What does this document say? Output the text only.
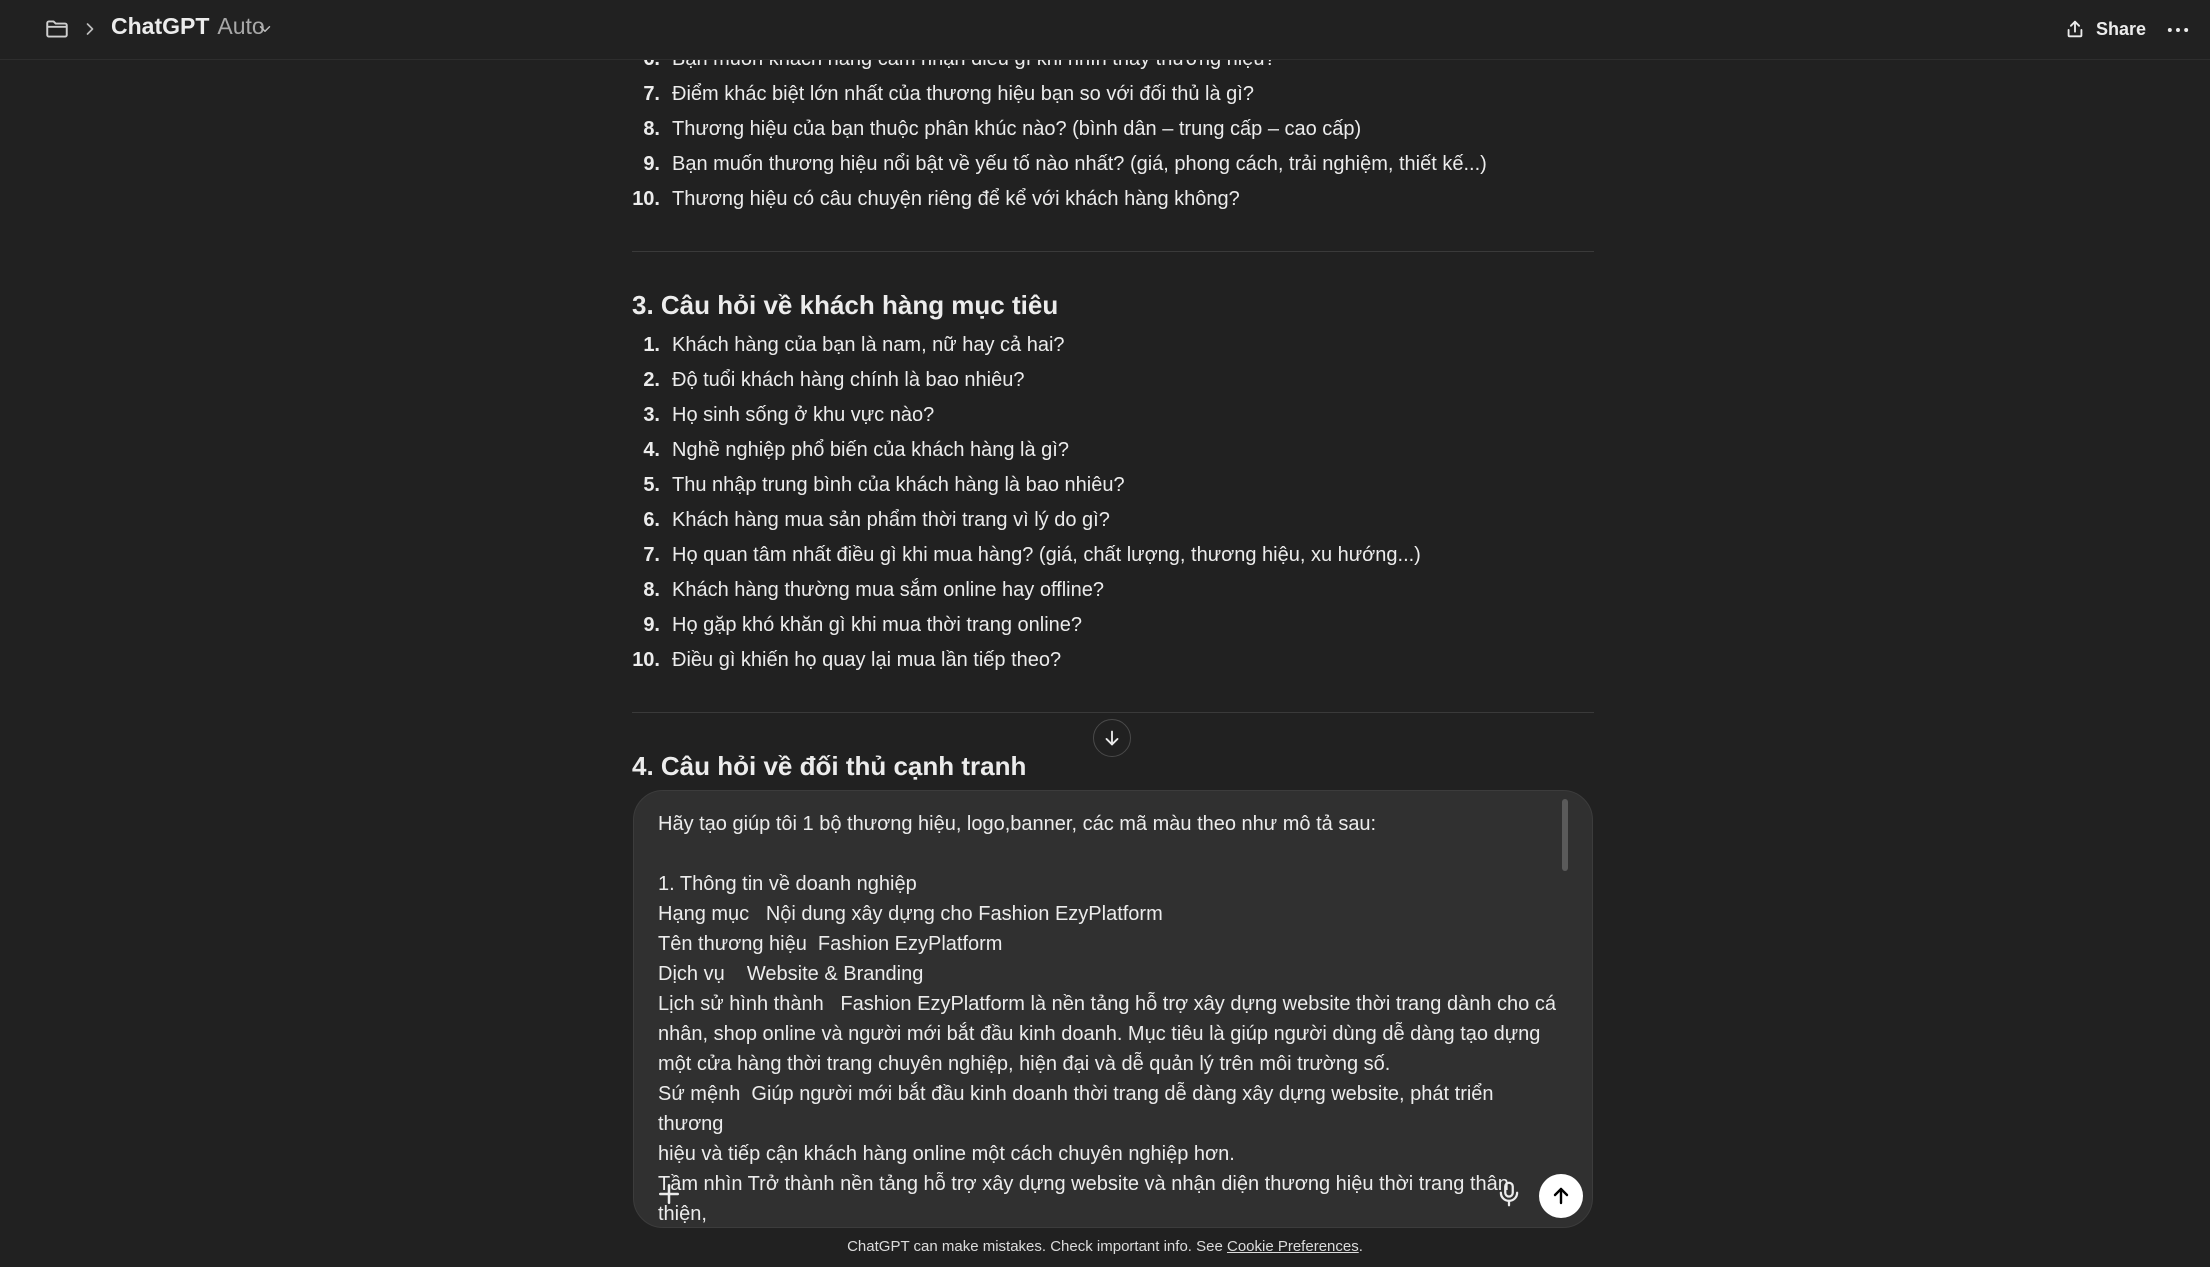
ChatGPT Auto	Share
7. Điểm khác biệt lớn nhất của thương hiệu bạn so với đối thủ là gì?
8. Thương hiệu của bạn thuộc phân khúc nào? (bình dân – trung cấp – cao cấp)
9. Bạn muốn thương hiệu nổi bật về yếu tố nào nhất? (giá, phong cách, trải nghiệm, thiết kế...)
10. Thương hiệu có câu chuyện riêng để kể với khách hàng không?
3. Câu hỏi về khách hàng mục tiêu
1. Khách hàng của bạn là nam, nữ hay cả hai?
2. Độ tuổi khách hàng chính là bao nhiêu?
3. Họ sinh sống ở khu vực nào?
4. Nghề nghiệp phổ biến của khách hàng là gì?
5. Thu nhập trung bình của khách hàng là bao nhiêu?
6. Khách hàng mua sản phẩm thời trang vì lý do gì?
7. Họ quan tâm nhất điều gì khi mua hàng? (giá, chất lượng, thương hiệu, xu hướng...)
8. Khách hàng thường mua sắm online hay offline?
9. Họ gặp khó khăn gì khi mua thời trang online?
10. Điều gì khiến họ quay lại mua lần tiếp theo?
4. Câu hỏi về đối thủ cạnh tranh

Hãy tạo giúp tôi 1 bộ thương hiệu, logo,banner, các mã màu theo như mô tả sau:

1. Thông tin về doanh nghiệp

Hạng mục   Nội dung xây dựng cho Fashion EzyPlatform

Tên thương hiệu  Fashion EzyPlatform

Dịch vụ    Website & Branding

Lịch sử hình thành   Fashion EzyPlatform là nền tảng hỗ trợ xây dựng website thời trang dành cho cá

nhân, shop online và người mới bắt đầu kinh doanh. Mục tiêu là giúp người dùng dễ dàng tạo dựng

một cửa hàng thời trang chuyên nghiệp, hiện đại và dễ quản lý trên môi trường số.

Sứ mệnh  Giúp người mới bắt đầu kinh doanh thời trang dễ dàng xây dựng website, phát triển thương

hiệu và tiếp cận khách hàng online một cách chuyên nghiệp hơn.

Tầm nhìn Trở thành nền tảng hỗ trợ xây dựng website và nhận diện thương hiệu thời trang thân thiện,

ChatGPT can make mistakes. Check important info. See Cookie Preferences.
